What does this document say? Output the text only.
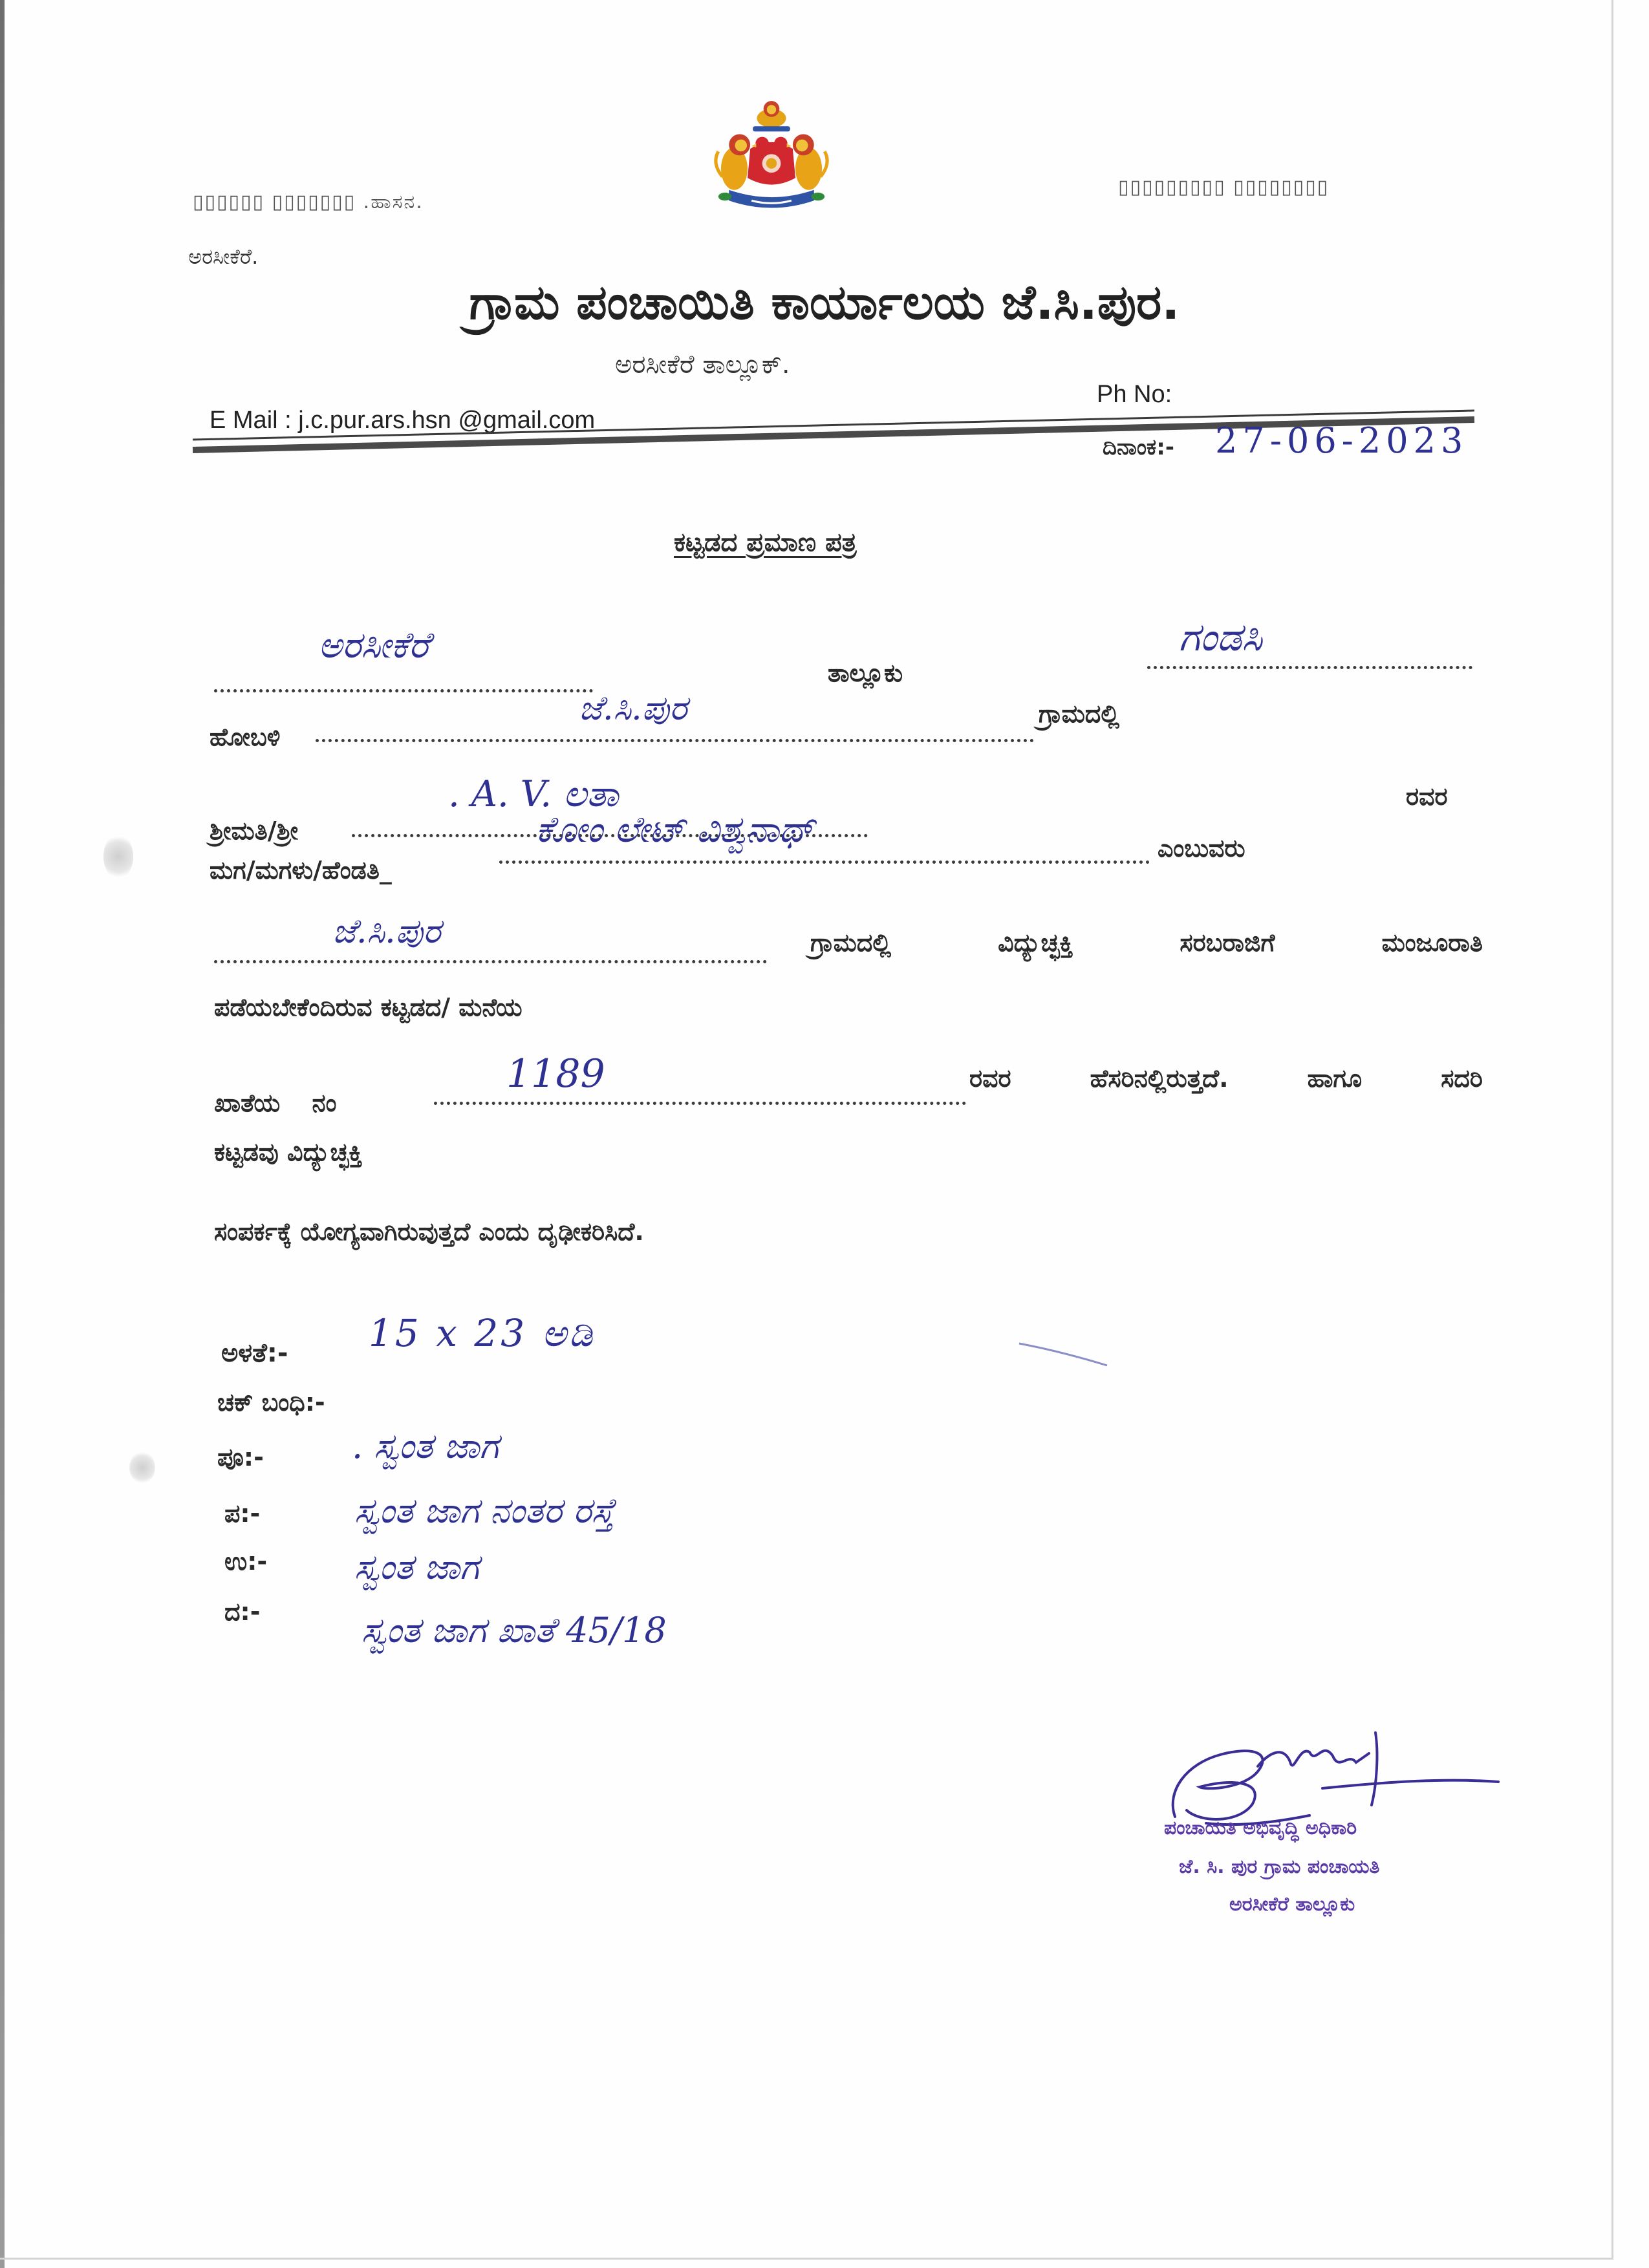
▯▯▯▯▯▯ ▯▯▯▯▯▯▯ .ಹಾಸನ.
ಅರಸೀಕೆರೆ.
▯▯▯▯▯▯▯▯▯ ▯▯▯▯▯▯▯▯
ಗ್ರಾಮ ಪಂಚಾಯಿತಿ ಕಾರ್ಯಾಲಯ ಜೆ.ಸಿ.ಪುರ.
ಅರಸೀಕೆರೆ ತಾಲ್ಲೂಕ್.
E Mail : j.c.pur.ars.hsn @gmail.com
Ph No:
ದಿನಾಂಕ:- 27-06-2023
ಕಟ್ಟಡದ ಪ್ರಮಾಣ ಪತ್ರ
ಅರಸೀಕೆರೆ
ತಾಲ್ಲೂಕು
ಗಂಡಸಿ
ಹೋಬಳಿ
ಜೆ.ಸಿ.ಪುರ	ಗ್ರಾಮದಲ್ಲಿ
ಶ್ರೀಮತಿ/ಶ್ರೀ
. A. V. ಲತಾ	ರವರ
ಮಗ/ಮಗಳು/ಹೆಂಡತಿ_
ಕೋಂ ಲೇಟ್ ವಿಶ್ವನಾಥ್	ಎಂಬುವರು
ಜೆ.ಸಿ.ಪುರ	ಗ್ರಾಮದಲ್ಲಿ	ವಿದ್ಯುಚ್ಛಕ್ತಿ	ಸರಬರಾಜಿಗೆ	ಮಂಜೂರಾತಿ
ಪಡೆಯಬೇಕೆಂದಿರುವ ಕಟ್ಟಡದ/ ಮನೆಯ
ಖಾತೆಯ ನಂ
1189	ರವರ	ಹೆಸರಿನಲ್ಲಿರುತ್ತದೆ.	ಹಾಗೂ	ಸದರಿ
ಕಟ್ಟಡವು ವಿದ್ಯುಚ್ಛಕ್ತಿ
ಸಂಪರ್ಕಕ್ಕೆ ಯೋಗ್ಯವಾಗಿರುವುತ್ತದೆ ಎಂದು ದೃಢೀಕರಿಸಿದೆ.
ಅಳತೆ:- 15 x 23 ಅಡಿ
ಚಕ್ ಬಂಧಿ:-
ಪೂ:-	. ಸ್ವಂತ ಜಾಗ
ಪ:-	ಸ್ವಂತ ಜಾಗ ನಂತರ ರಸ್ತೆ
ಉ:- ಸ್ವಂತ ಜಾಗ
ದ:-	ಸ್ವಂತ ಜಾಗ ಖಾತೆ 45/18
ಪಂಚಾಯತಿ ಅಭಿವೃದ್ಧಿ ಅಧಿಕಾರಿ
ಜೆ. ಸಿ. ಪುರ ಗ್ರಾಮ ಪಂಚಾಯತಿ
ಅರಸೀಕೆರೆ ತಾಲ್ಲೂಕು
